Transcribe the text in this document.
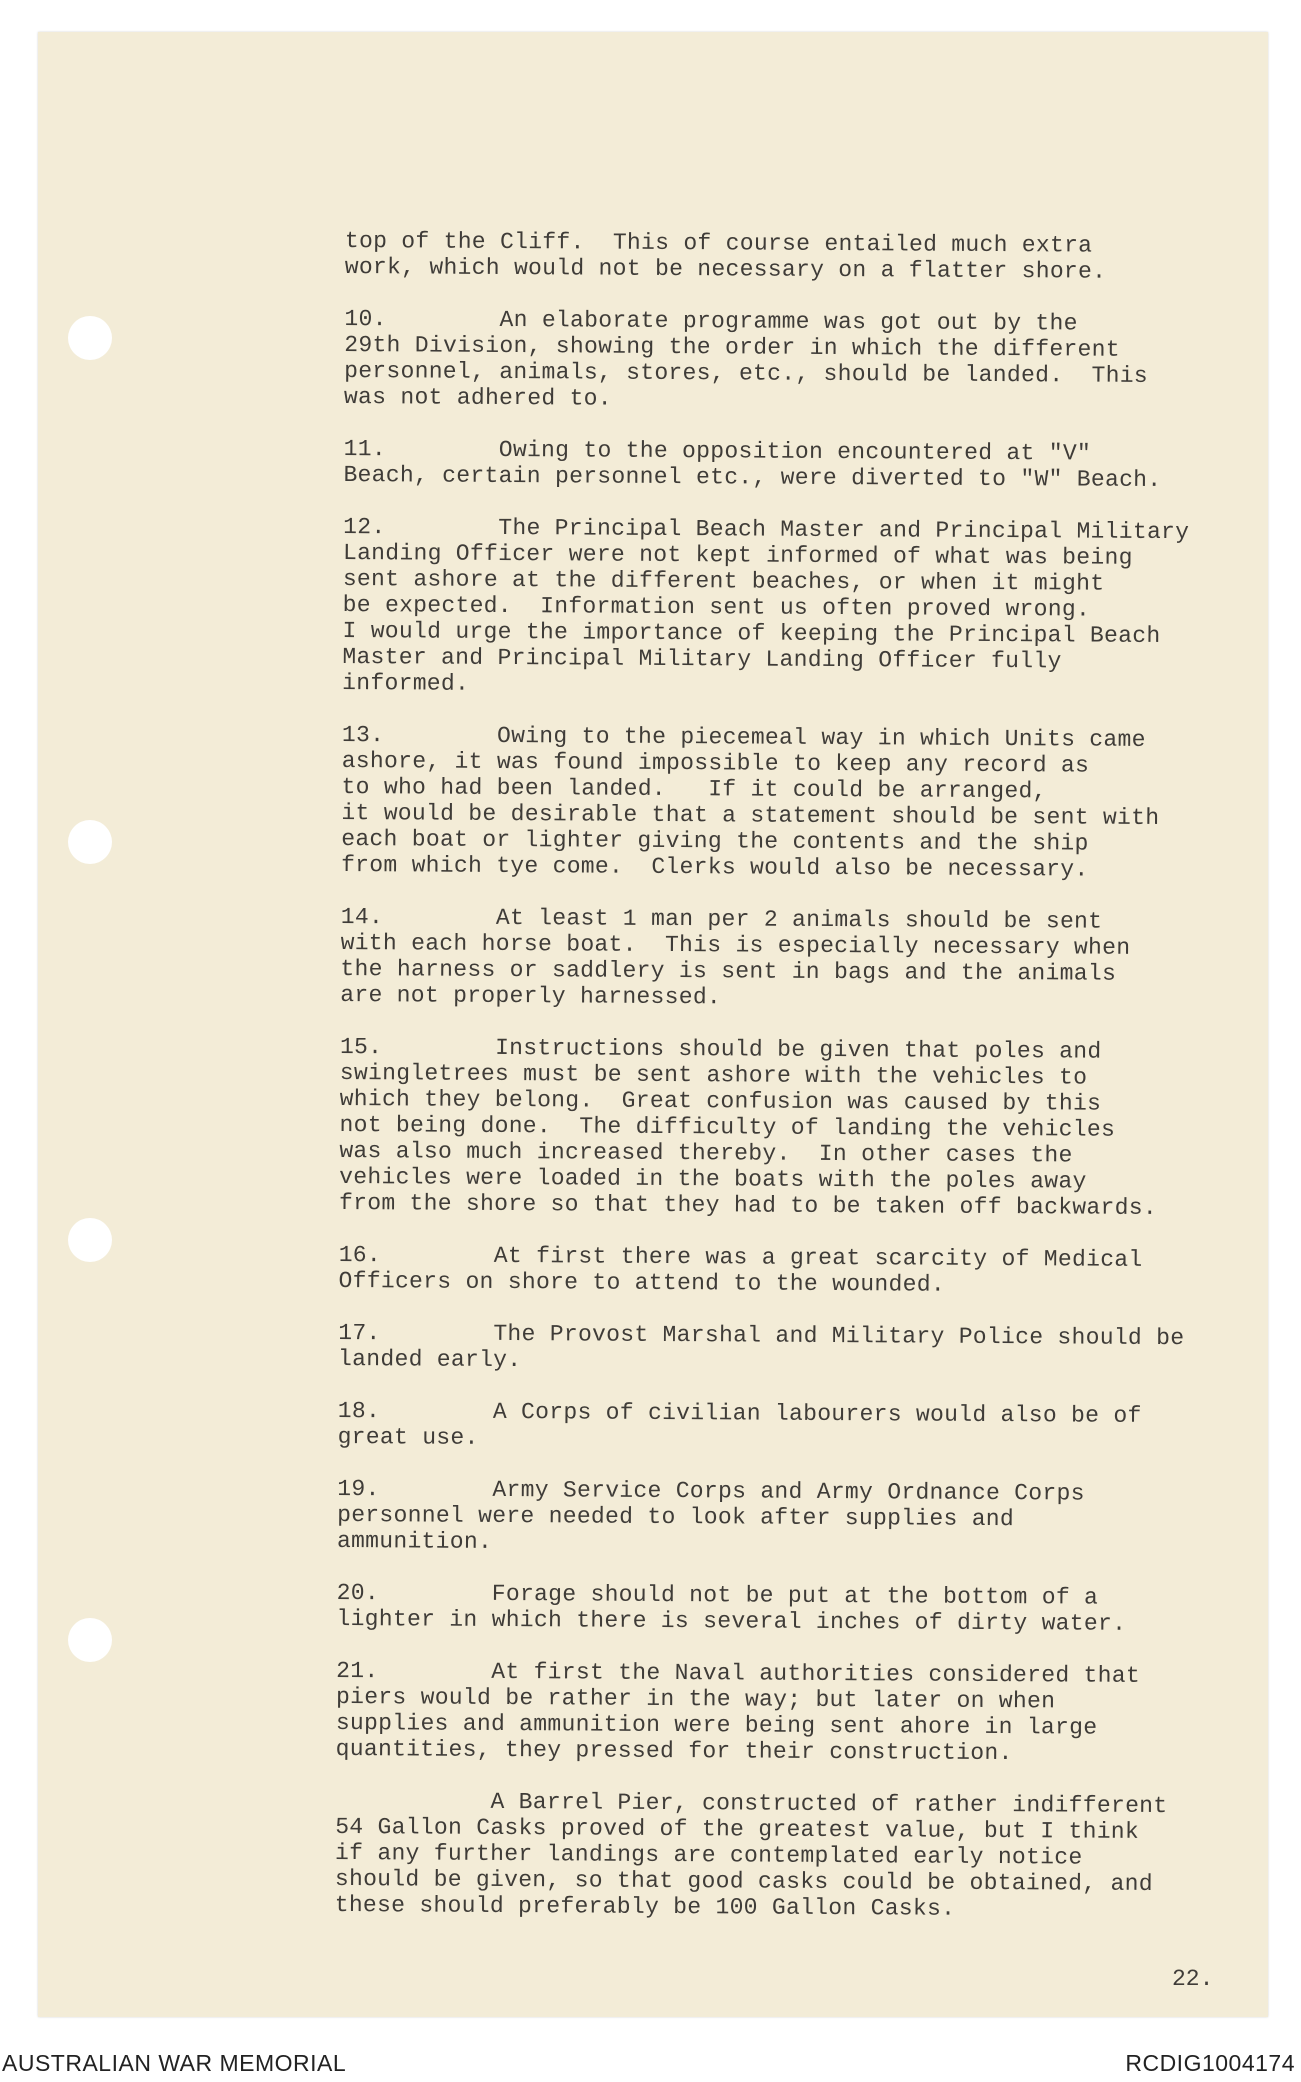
top of the Cliff.  This of course entailed much extra
work, which would not be necessary on a flatter shore.
10.        An elaborate programme was got out by the
29th Division, showing the order in which the different
personnel, animals, stores, etc., should be landed.  This
was not adhered to.
11.        Owing to the opposition encountered at "V"
Beach, certain personnel etc., were diverted to "W" Beach.
12.        The Principal Beach Master and Principal Military
Landing Officer were not kept informed of what was being
sent ashore at the different beaches, or when it might
be expected.  Information sent us often proved wrong.
I would urge the importance of keeping the Principal Beach
Master and Principal Military Landing Officer fully
informed.
13.        Owing to the piecemeal way in which Units came
ashore, it was found impossible to keep any record as
to who had been landed.   If it could be arranged,
it would be desirable that a statement should be sent with
each boat or lighter giving the contents and the ship
from which tye come.  Clerks would also be necessary.
14.        At least 1 man per 2 animals should be sent
with each horse boat.  This is especially necessary when
the harness or saddlery is sent in bags and the animals
are not properly harnessed.
15.        Instructions should be given that poles and
swingletrees must be sent ashore with the vehicles to
which they belong.  Great confusion was caused by this
not being done.  The difficulty of landing the vehicles
was also much increased thereby.  In other cases the
vehicles were loaded in the boats with the poles away
from the shore so that they had to be taken off backwards.
16.        At first there was a great scarcity of Medical
Officers on shore to attend to the wounded.
17.        The Provost Marshal and Military Police should be
landed early.
18.        A Corps of civilian labourers would also be of
great use.
19.        Army Service Corps and Army Ordnance Corps
personnel were needed to look after supplies and
ammunition.
20.        Forage should not be put at the bottom of a
lighter in which there is several inches of dirty water.
21.        At first the Naval authorities considered that
piers would be rather in the way; but later on when
supplies and ammunition were being sent ahore in large
quantities, they pressed for their construction.
A Barrel Pier, constructed of rather indifferent
54 Gallon Casks proved of the greatest value, but I think
if any further landings are contemplated early notice
should be given, so that good casks could be obtained, and
these should preferably be 100 Gallon Casks.
22.
AUSTRALIAN WAR MEMORIAL	RCDIG1004174
